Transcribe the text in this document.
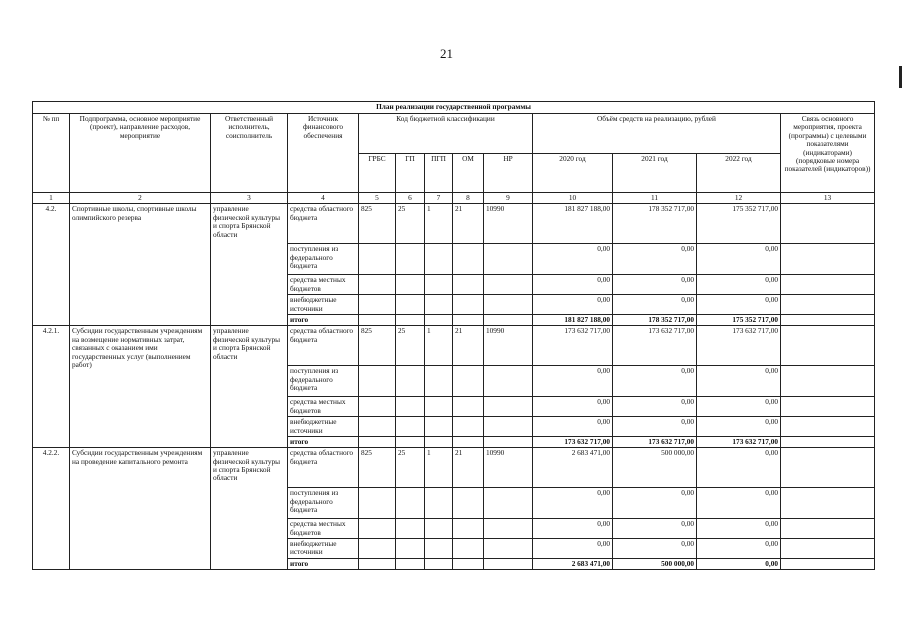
21
План реализации государственной программы												
№ пп	Подпрограмма, основное мероприятие (проект), направление расходов, мероприятие	Ответственный исполнитель, соисполнитель	Источник финансового обеспечения	Код бюджетной классификации					Объём средств на реализацию, рублей			Связь основного мероприятия, проекта (программы) с целевыми показателями (индикаторами) (порядковые номера показателей (индикаторов))
				ГРБС	ГП	ПГП	ОМ	НР	2020 год	2021 год	2022 год	
1	2	3	4	5	6	7	8	9	10	11	12	13
4.2.	Спортивные школы, спортивные школы олимпийского резерва	управление физической культуры и спорта Брянской области	средства областного бюджета	825	25	1	21	10990	181 827 188,00	178 352 717,00	175 352 717,00	
			поступления из федерального бюджета						0,00	0,00	0,00	
			средства местных бюджетов						0,00	0,00	0,00	
			внебюджетные источники						0,00	0,00	0,00	
			итого						181 827 188,00	178 352 717,00	175 352 717,00	
4.2.1.	Субсидии государственным учреждениям на возмещение нормативных затрат, связанных с оказанием ими государственных услуг (выполнением работ)	управление физической культуры и спорта Брянской области	средства областного бюджета	825	25	1	21	10990	173 632 717,00	173 632 717,00	173 632 717,00	
			поступления из федерального бюджета						0,00	0,00	0,00	
			средства местных бюджетов						0,00	0,00	0,00	
			внебюджетные источники						0,00	0,00	0,00	
			итого						173 632 717,00	173 632 717,00	173 632 717,00	
4.2.2.	Субсидии государственным учреждениям на проведение капитального ремонта	управление физической культуры и спорта Брянской области	средства областного бюджета	825	25	1	21	10990	2 683 471,00	500 000,00	0,00	
			поступления из федерального бюджета						0,00	0,00	0,00	
			средства местных бюджетов						0,00	0,00	0,00	
			внебюджетные источники						0,00	0,00	0,00	
			итого						2 683 471,00	500 000,00	0,00	
